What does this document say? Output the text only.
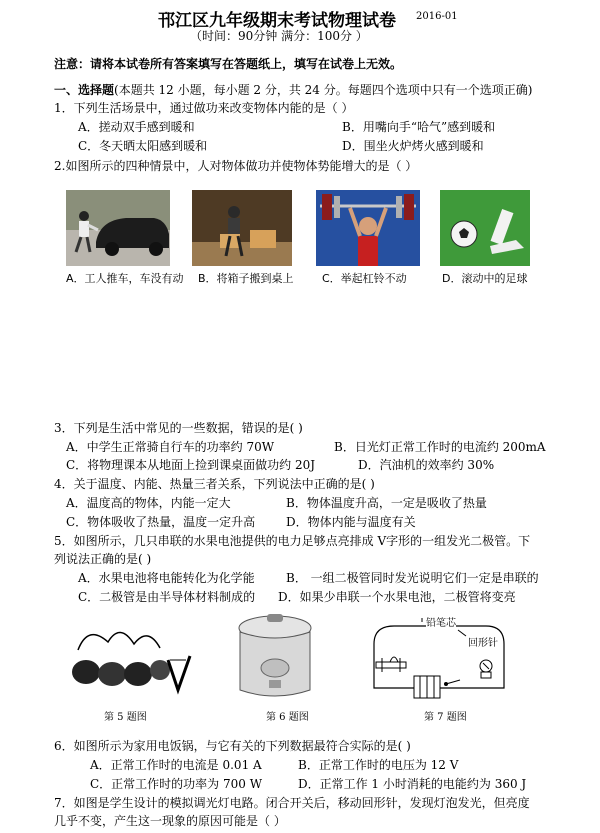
邗江区九年级期末考试物理试卷 2016-01
（时间：90分钟 满分：100分 ）
注意：请将本试卷所有答案填写在答题纸上，填写在试卷上无效。
一、选择题(本题共 12 小题，每小题 2 分，共 24 分。每题四个选项中只有一个选项正确)
1．下列生活场景中，通过做功来改变物体内能的是（ ）
A．搓动双手感到暖和	B．用嘴向手“哈气”感到暖和
C．冬天晒太阳感到暖和	D．围坐火炉烤火感到暖和
2.如图所示的四种情景中，人对物体做功并使物体势能增大的是（ ）
A．工人推车，车没有动 B．将箱子搬到桌上	C．举起杠铃不动	D．滚动中的足球
3．下列是生活中常见的一些数据，错误的是( )
A．中学生正常骑自行车的功率约 70W	B．日光灯正常工作时的电流约 200mA
C．将物理课本从地面上捡到课桌面做功约 20J	D．汽油机的效率约 30%
4．关于温度、内能、热量三者关系，下列说法中正确的是( )
A．温度高的物体，内能一定大	B．物体温度升高，一定是吸收了热量
C．物体吸收了热量，温度一定升高	D．物体内能与温度有关
5．如图所示，几只串联的水果电池提供的电力足够点亮排成 V字形的一组发光二极管。下
列说法正确的是( )
A．水果电池将电能转化为化学能	B． 一组二极管同时发光说明它们一定是串联的
C．二极管是由半导体材料制成的 D．如果少串联一个水果电池，二极管将变亮
第 5 题图	第 6 题图
铅笔芯
回形针
第 7 题图
6．如图所示为家用电饭锅，与它有关的下列数据最符合实际的是( )
A．正常工作时的电流是 0.01 A	B．正常工作时的电压为 12 V
C．正常工作时的功率为 700 W	D．正常工作 1 小时消耗的电能约为 360 J
7．如图是学生设计的模拟调光灯电路。闭合开关后，移动回形针，发现灯泡发光，但亮度
几乎不变，产生这一现象的原因可能是（ ）
